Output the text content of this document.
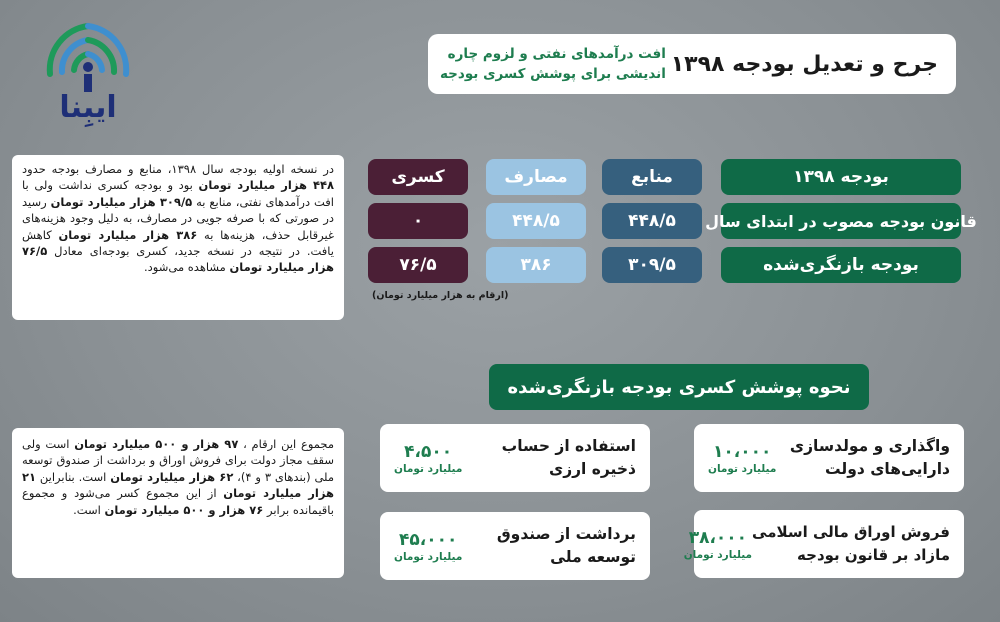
ایبِنا
جرح و تعدیل بودجه ۱۳۹۸
افت درآمدهای نفتی و لزوم چاره
اندیشی برای پوشش کسری بودجه
در نسخه اولیه بودجه سال ۱۳۹۸، منابع و مصارف بودجه حدود ۴۴۸ هزار میلیارد تومان بود و بودجه کسری نداشت ولی با افت درآمدهای نفتی، منابع به ۳۰۹/۵ هزار میلیارد تومان رسید در صورتی که با صرفه جویی در مصارف، به دلیل وجود هزینه‌های غیرقابل حذف، هزینه‌ها به ۳۸۶ هزار میلیارد تومان کاهش یافت. در نتیجه در نسخه جدید، کسری بودجه‌ای معادل ۷۶/۵ هزار میلیارد تومان مشاهده می‌شود.
بودجه ۱۳۹۸
منابع
مصارف
کسری
قانون بودجه مصوب در ابتدای سال
۴۴۸/۵
۴۴۸/۵
۰
بودجه بازنگری‌شده
۳۰۹/۵
۳۸۶
۷۶/۵
(ارقام به هزار میلیارد تومان)
نحوه پوشش کسری بودجه بازنگری‌شده
مجموع این ارقام ، ۹۷ هزار و ۵۰۰ میلیارد تومان است ولی سقف مجاز دولت برای فروش اوراق و برداشت از صندوق توسعه ملی (بندهای ۳ و ۴)، ۶۲ هزار میلیارد تومان است. بنابراین ۲۱ هزار میلیارد تومان از این مجموع کسر می‌شود و مجموع باقیمانده برابر ۷۶ هزار و ۵۰۰ میلیارد تومان است.
واگذاری و مولدسازی
دارایی‌های دولت
۱۰،۰۰۰
میلیارد تومان
استفاده از حساب
ذخیره ارزی
۴،۵۰۰
میلیارد تومان
فروش اوراق مالی اسلامی
مازاد بر قانون بودجه
۳۸،۰۰۰
میلیارد تومان
برداشت از صندوق
توسعه ملی
۴۵،۰۰۰
میلیارد تومان
